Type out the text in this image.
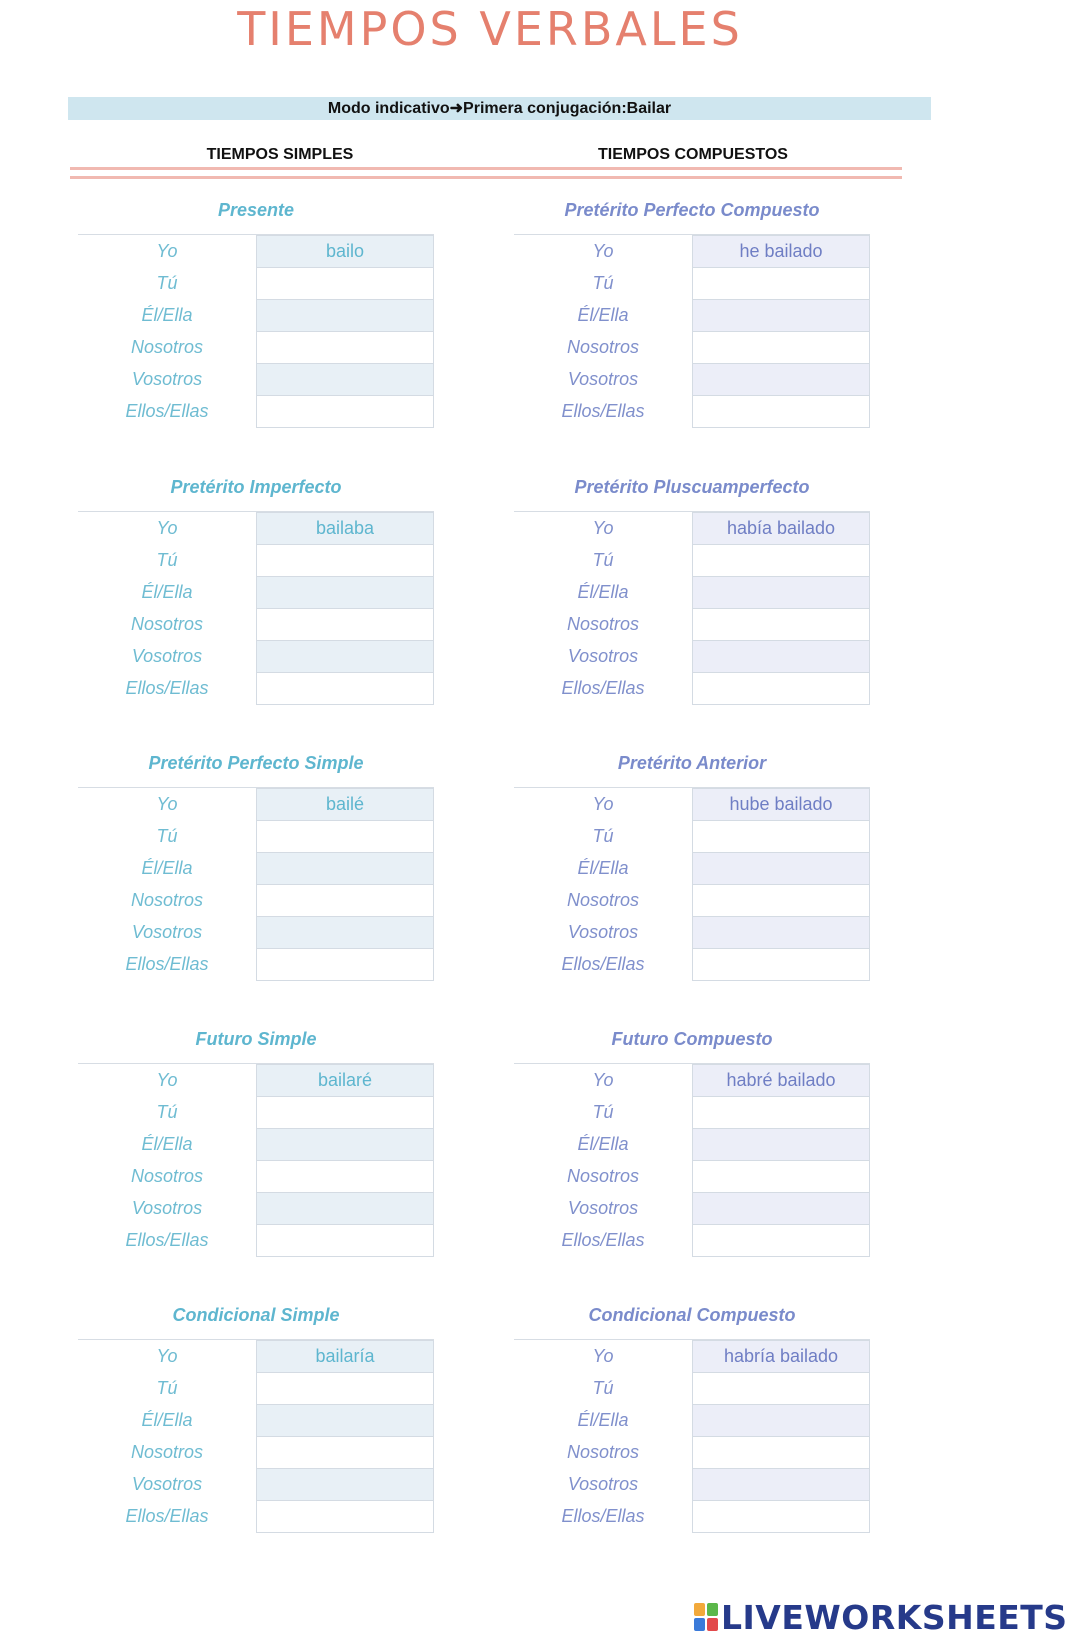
TIEMPOS VERBALES
Modo indicativo➜Primera conjugación:Bailar
TIEMPOS SIMPLES	TIEMPOS COMPUESTOS
Presente
Yo	bailo
Tú
Él/Ella
Nosotros
Vosotros
Ellos/Ellas
Pretérito Imperfecto
Yo	bailaba
Tú
Él/Ella
Nosotros
Vosotros
Ellos/Ellas
Pretérito Perfecto Simple
Yo	bailé
Tú
Él/Ella
Nosotros
Vosotros
Ellos/Ellas
Futuro Simple
Yo	bailaré
Tú
Él/Ella
Nosotros
Vosotros
Ellos/Ellas
Condicional Simple
Yo	bailaría
Tú
Él/Ella
Nosotros
Vosotros
Ellos/Ellas
Pretérito Perfecto Compuesto
Yo	he bailado
Tú
Él/Ella
Nosotros
Vosotros
Ellos/Ellas
Pretérito Pluscuamperfecto
Yo	había bailado
Tú
Él/Ella
Nosotros
Vosotros
Ellos/Ellas
Pretérito Anterior
Yo	hube bailado
Tú
Él/Ella
Nosotros
Vosotros
Ellos/Ellas
Futuro Compuesto
Yo	habré bailado
Tú
Él/Ella
Nosotros
Vosotros
Ellos/Ellas
Condicional Compuesto
Yo	habría bailado
Tú
Él/Ella
Nosotros
Vosotros
Ellos/Ellas
LIVEWORKSHEETS
